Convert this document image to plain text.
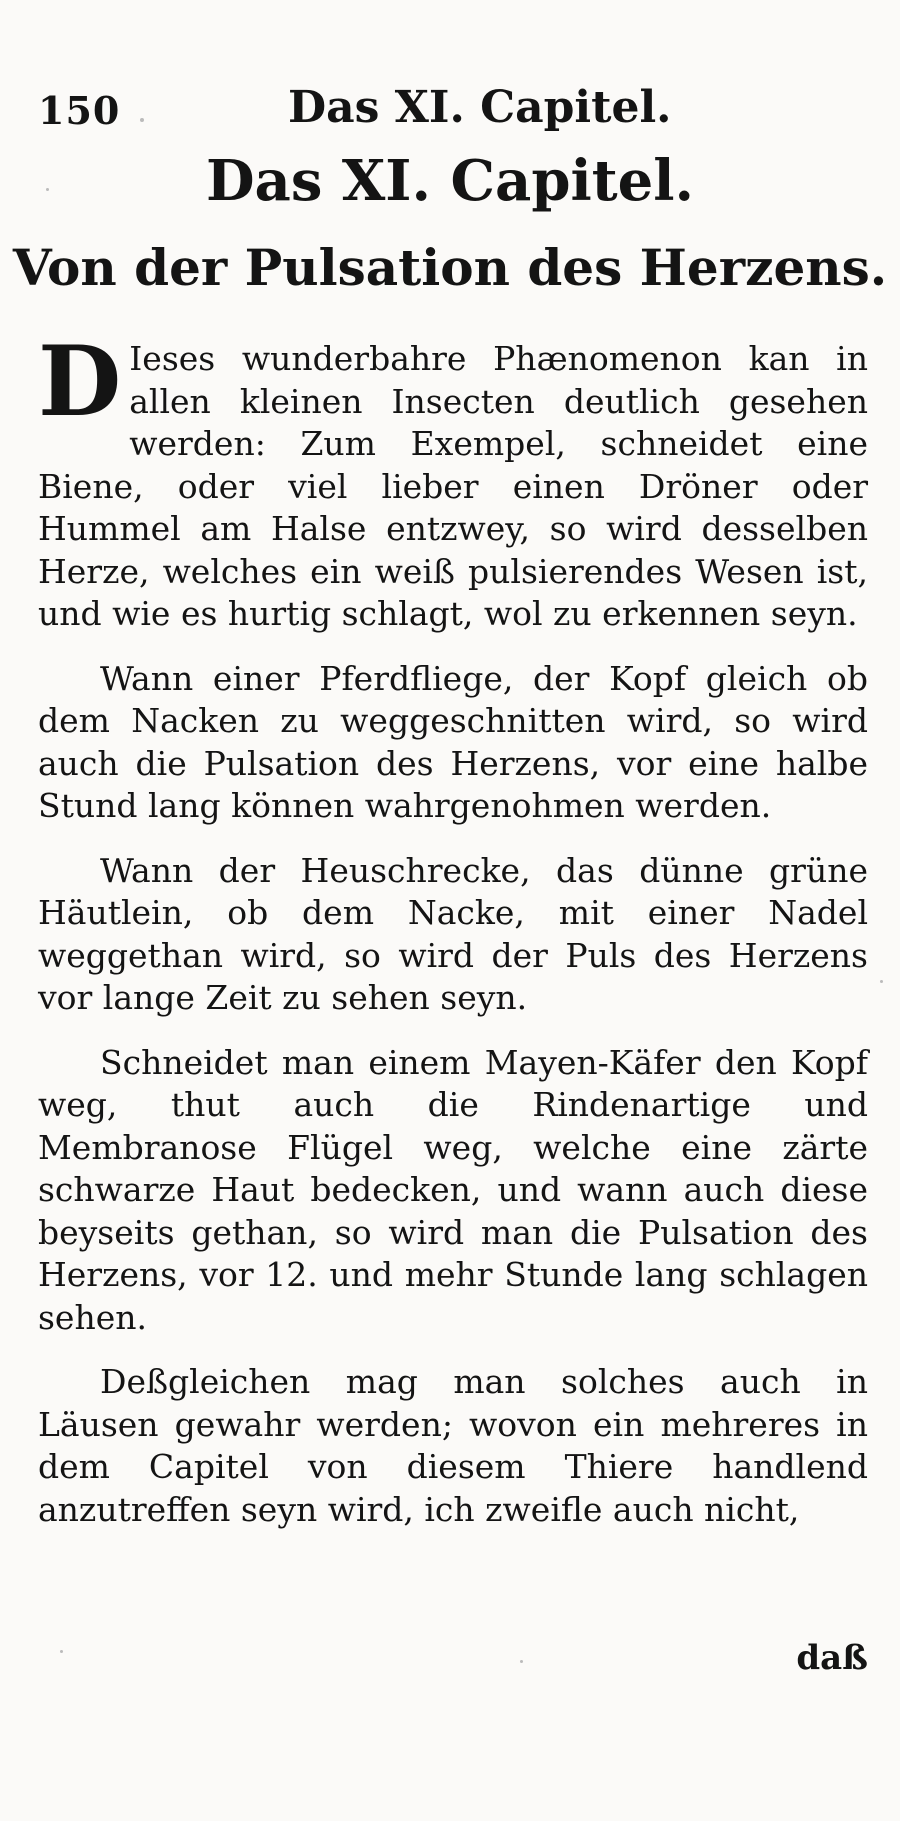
150	Das XI. Capitel.
Das XI. Capitel.
Von der Pulsation des Herzens.

D Ieses wunderbahre Phænomenon kan in allen kleinen Insecten deutlich gesehen werden: Zum Exempel, schneidet eine Biene, oder viel lieber einen Dröner oder Hummel am Halse entzwey, so wird desselben Herze, welches ein weiß pulsierendes Wesen ist, und wie es hurtig schlagt, wol zu erkennen seyn.

Wann einer Pferdfliege, der Kopf gleich ob dem Nacken zu weggeschnitten wird, so wird auch die Pulsation des Herzens, vor eine halbe Stund lang können wahrgenohmen werden.

Wann der Heuschrecke, das dünne grüne Häutlein, ob dem Nacke, mit einer Nadel weggethan wird, so wird der Puls des Herzens vor lange Zeit zu sehen seyn.

Schneidet man einem Mayen-Käfer den Kopf weg, thut auch die Rindenartige und Membranose Flügel weg, welche eine zärte schwarze Haut bedecken, und wann auch diese beyseits gethan, so wird man die Pulsation des Herzens, vor 12. und mehr Stunde lang schlagen sehen.

Deßgleichen mag man solches auch in Läusen gewahr werden; wovon ein mehreres in dem Capitel von diesem Thiere handlend anzutreffen seyn wird, ich zweifle auch nicht,

daß
